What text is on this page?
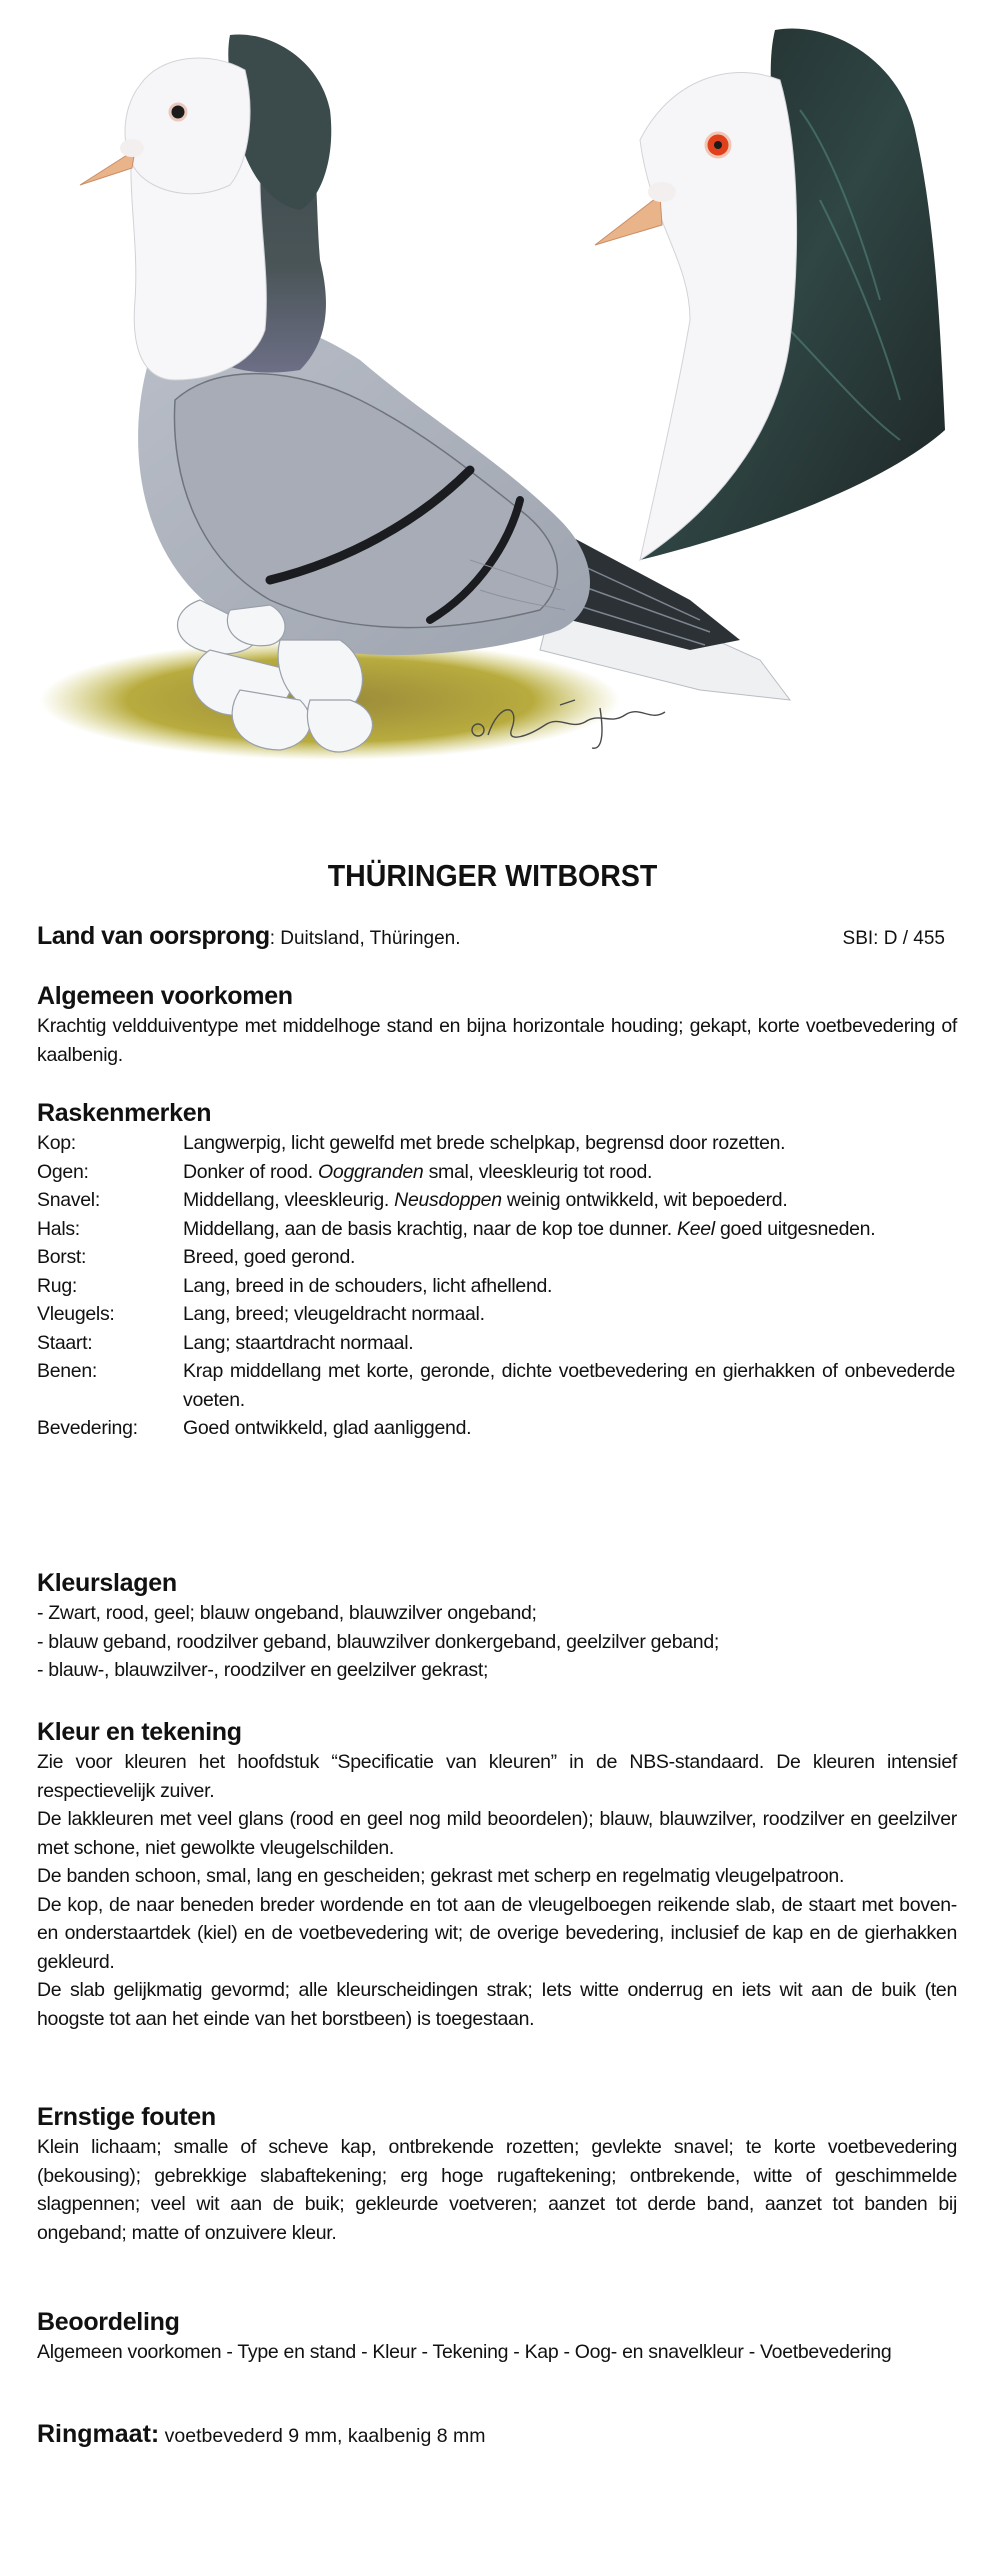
THÜRINGER WITBORST
Land van oorsprong: Duitsland, Thüringen.	SBI: D / 455
Algemeen voorkomen

Krachtig veldduiventype met middelhoge stand en bijna horizontale houding; gekapt, korte voetbevedering of kaalbenig.

Raskenmerken
Kop:	Langwerpig, licht gewelfd met brede schelpkap, begrensd door rozetten.
Ogen:	Donker of rood. Ooggranden smal, vleeskleurig tot rood.
Snavel:	Middellang, vleeskleurig. Neusdoppen weinig ontwikkeld, wit bepoederd.
Hals:	Middellang, aan de basis krachtig, naar de kop toe dunner. Keel goed uitgesneden.
Borst:	Breed, goed gerond.
Rug:	Lang, breed in de schouders, licht afhellend.
Vleugels:	Lang, breed; vleugeldracht normaal.
Staart:	Lang; staartdracht normaal.
Benen:	Krap middellang met korte, geronde, dichte voetbevedering en gierhakken of onbevederde voeten.
Bevedering:	Goed ontwikkeld, glad aanliggend.
Kleurslagen
- Zwart, rood, geel; blauw ongeband, blauwzilver ongeband;
- blauw geband, roodzilver geband, blauwzilver donkergeband, geelzilver geband;
- blauw-, blauwzilver-, roodzilver en geelzilver gekrast;
Kleur en tekening

Zie voor kleuren het hoofdstuk “Specificatie van kleuren” in de NBS-standaard. De kleuren intensief respectievelijk zuiver.

De lakkleuren met veel glans (rood en geel nog mild beoordelen); blauw, blauwzilver, roodzilver en geelzilver met schone, niet gewolkte vleugelschilden.

De banden schoon, smal, lang en gescheiden; gekrast met scherp en regelmatig vleugelpatroon.

De kop, de naar beneden breder wordende en tot aan de vleugelboegen reikende slab, de staart met boven- en onderstaartdek (kiel) en de voetbevedering wit; de overige bevedering, inclusief de kap en de gierhakken gekleurd.

De slab gelijkmatig gevormd; alle kleurscheidingen strak; Iets witte onderrug en iets wit aan de buik (ten hoogste tot aan het einde van het borstbeen) is toegestaan.

Ernstige fouten

Klein lichaam; smalle of scheve kap, ontbrekende rozetten; gevlekte snavel; te korte voetbevedering (bekousing); gebrekkige slabaftekening; erg hoge rugaftekening; ontbrekende, witte of geschimmelde slagpennen; veel wit aan de buik; gekleurde voetveren; aanzet tot derde band, aanzet tot banden bij ongeband; matte of onzuivere kleur.

Beoordeling

Algemeen voorkomen - Type en stand - Kleur - Tekening - Kap - Oog- en snavelkleur - Voetbevedering

Ringmaat: voetbevederd 9 mm, kaalbenig 8 mm
